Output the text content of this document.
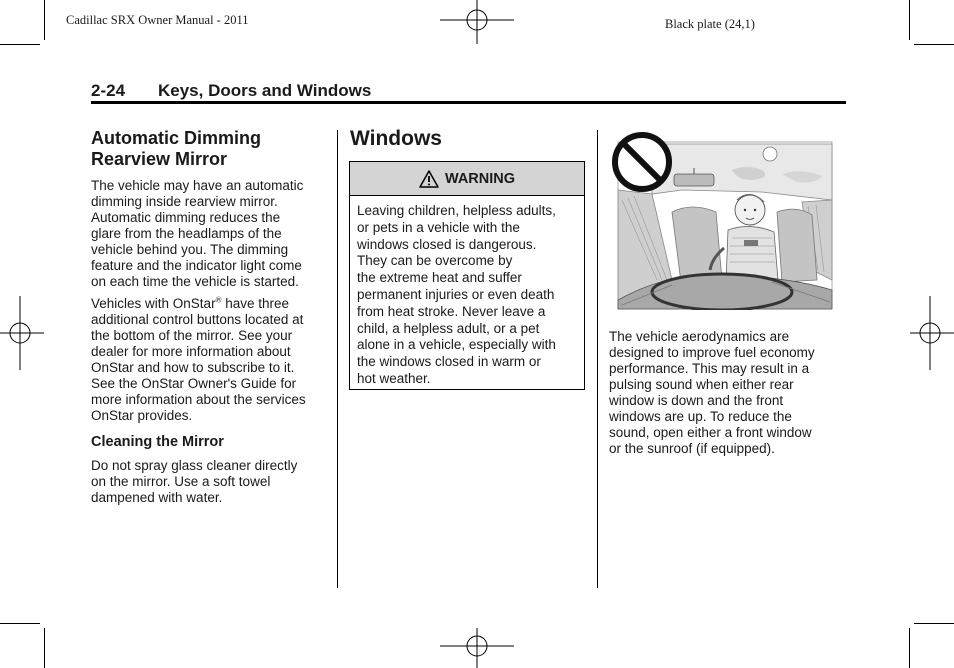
Cadillac SRX Owner Manual - 2011	Black plate (24,1)
2-24 Keys, Doors and Windows
Automatic Dimming
Rearview Mirror
The vehicle may have an automatic
dimming inside rearview mirror.
Automatic dimming reduces the
glare from the headlamps of the
vehicle behind you. The dimming
feature and the indicator light come
on each time the vehicle is started.
Vehicles with OnStar® have three
additional control buttons located at
the bottom of the mirror. See your
dealer for more information about
OnStar and how to subscribe to it.
See the OnStar Owner's Guide for
more information about the services
OnStar provides.
Cleaning the Mirror
Do not spray glass cleaner directly
on the mirror. Use a soft towel
dampened with water.
Windows
WARNING
Leaving children, helpless adults,
or pets in a vehicle with the
windows closed is dangerous.
They can be overcome by
the extreme heat and suffer
permanent injuries or even death
from heat stroke. Never leave a
child, a helpless adult, or a pet
alone in a vehicle, especially with
the windows closed in warm or
hot weather.
The vehicle aerodynamics are
designed to improve fuel economy
performance. This may result in a
pulsing sound when either rear
window is down and the front
windows are up. To reduce the
sound, open either a front window
or the sunroof (if equipped).
